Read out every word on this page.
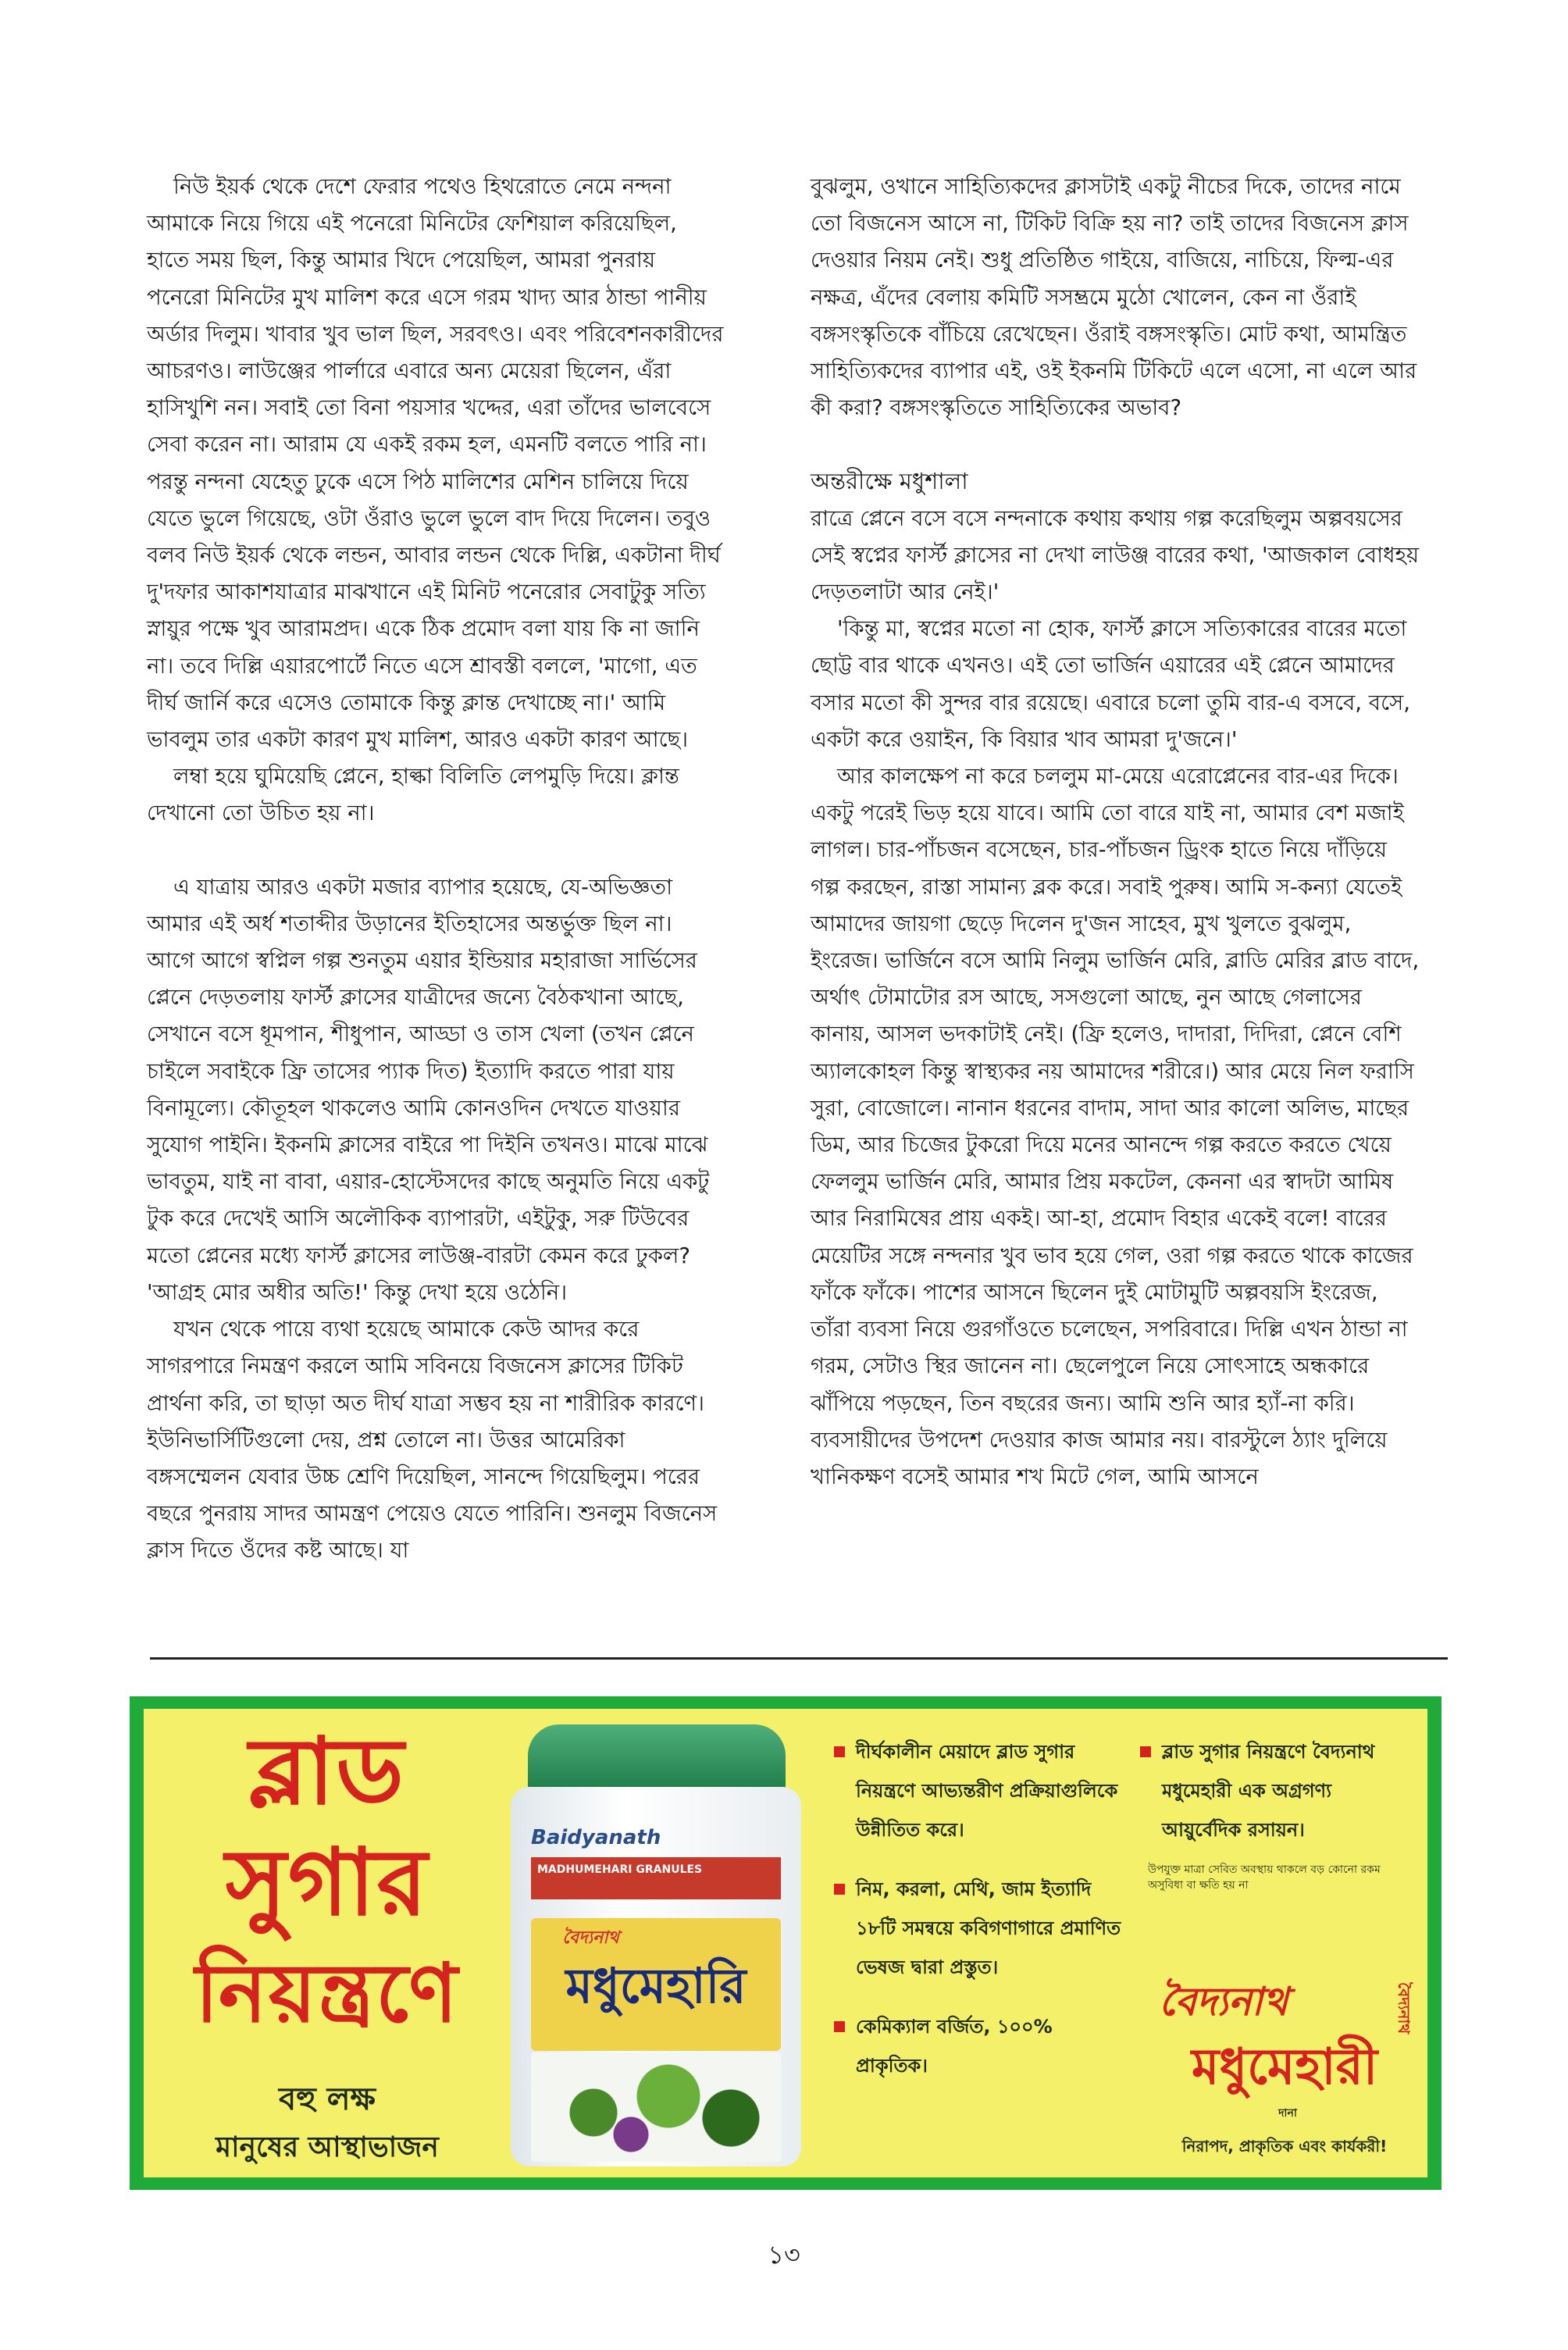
নিউ ইয়র্ক থেকে দেশে ফেরার পথেও হিথরোতে নেমে নন্দনা আমাকে নিয়ে গিয়ে এই পনেরো মিনিটের ফেশিয়াল করিয়েছিল, হাতে সময় ছিল, কিন্তু আমার খিদে পেয়েছিল, আমরা পুনরায় পনেরো মিনিটের মুখ মালিশ করে এসে গরম খাদ্য আর ঠান্ডা পানীয় অর্ডার দিলুম। খাবার খুব ভাল ছিল, সরবৎও। এবং পরিবেশনকারীদের আচরণও। লাউঞ্জের পার্লারে এবারে অন্য মেয়েরা ছিলেন, এঁরা হাসিখুশি নন। সবাই তো বিনা পয়সার খদ্দের, এরা তাঁদের ভালবেসে সেবা করেন না। আরাম যে একই রকম হল, এমনটি বলতে পারি না। পরন্তু নন্দনা যেহেতু ঢুকে এসে পিঠ মালিশের মেশিন চালিয়ে দিয়ে যেতে ভুলে গিয়েছে, ওটা ওঁরাও ভুলে ভুলে বাদ দিয়ে দিলেন। তবুও বলব নিউ ইয়র্ক থেকে লন্ডন, আবার লন্ডন থেকে দিল্লি, একটানা দীর্ঘ দু'দফার আকাশযাত্রার মাঝখানে এই মিনিট পনেরোর সেবাটুকু সত্যি স্নায়ুর পক্ষে খুব আরামপ্রদ। একে ঠিক প্রমোদ বলা যায় কি না জানি না। তবে দিল্লি এয়ারপোর্টে নিতে এসে শ্রাবস্তী বললে, 'মাগো, এত দীর্ঘ জার্নি করে এসেও তোমাকে কিন্তু ক্লান্ত দেখাচ্ছে না।' আমি ভাবলুম তার একটা কারণ মুখ মালিশ, আরও একটা কারণ আছে।

লম্বা হয়ে ঘুমিয়েছি প্লেনে, হাল্কা বিলিতি লেপমুড়ি দিয়ে। ক্লান্ত দেখানো তো উচিত হয় না।

এ যাত্রায় আরও একটা মজার ব্যাপার হয়েছে, যে-অভিজ্ঞতা আমার এই অর্ধ শতাব্দীর উড়ানের ইতিহাসের অন্তর্ভুক্ত ছিল না। আগে আগে স্বপ্নিল গল্প শুনতুম এয়ার ইন্ডিয়ার মহারাজা সার্ভিসের প্লেনে দেড়তলায় ফার্স্ট ক্লাসের যাত্রীদের জন্যে বৈঠকখানা আছে, সেখানে বসে ধূমপান, শীধুপান, আড্ডা ও তাস খেলা (তখন প্লেনে চাইলে সবাইকে ফ্রি তাসের প্যাক দিত) ইত্যাদি করতে পারা যায় বিনামূল্যে। কৌতূহল থাকলেও আমি কোনওদিন দেখতে যাওয়ার সুযোগ পাইনি। ইকনমি ক্লাসের বাইরে পা দিইনি তখনও। মাঝে মাঝে ভাবতুম, যাই না বাবা, এয়ার-হোস্টেসদের কাছে অনুমতি নিয়ে একটু টুক করে দেখেই আসি অলৌকিক ব্যাপারটা, এইটুকু, সরু টিউবের মতো প্লেনের মধ্যে ফার্স্ট ক্লাসের লাউঞ্জ-বারটা কেমন করে ঢুকল? 'আগ্রহ মোর অধীর অতি!' কিন্তু দেখা হয়ে ওঠেনি।

যখন থেকে পায়ে ব্যথা হয়েছে আমাকে কেউ আদর করে সাগরপারে নিমন্ত্রণ করলে আমি সবিনয়ে বিজনেস ক্লাসের টিকিট প্রার্থনা করি, তা ছাড়া অত দীর্ঘ যাত্রা সম্ভব হয় না শারীরিক কারণে। ইউনিভার্সিটিগুলো দেয়, প্রশ্ন তোলে না। উত্তর আমেরিকা বঙ্গসম্মেলন যেবার উচ্চ শ্রেণি দিয়েছিল, সানন্দে গিয়েছিলুম। পরের বছরে পুনরায় সাদর আমন্ত্রণ পেয়েও যেতে পারিনি। শুনলুম বিজনেস ক্লাস দিতে ওঁদের কষ্ট আছে। যা

বুঝলুম, ওখানে সাহিত্যিকদের ক্লাসটাই একটু নীচের দিকে, তাদের নামে তো বিজনেস আসে না, টিকিট বিক্রি হয় না? তাই তাদের বিজনেস ক্লাস দেওয়ার নিয়ম নেই। শুধু প্রতিষ্ঠিত গাইয়ে, বাজিয়ে, নাচিয়ে, ফিল্ম-এর নক্ষত্র, এঁদের বেলায় কমিটি সসম্ভ্রমে মুঠো খোলেন, কেন না ওঁরাই বঙ্গসংস্কৃতিকে বাঁচিয়ে রেখেছেন। ওঁরাই বঙ্গসংস্কৃতি। মোট কথা, আমন্ত্রিত সাহিত্যিকদের ব্যাপার এই, ওই ইকনমি টিকিটে এলে এসো, না এলে আর কী করা? বঙ্গসংস্কৃতিতে সাহিত্যিকের অভাব?

অন্তরীক্ষে মধুশালা

রাত্রে প্লেনে বসে বসে নন্দনাকে কথায় কথায় গল্প করেছিলুম অল্পবয়সের সেই স্বপ্নের ফার্স্ট ক্লাসের না দেখা লাউঞ্জ বারের কথা, 'আজকাল বোধহয় দেড়তলাটা আর নেই।'

'কিন্তু মা, স্বপ্নের মতো না হোক, ফার্স্ট ক্লাসে সত্যিকারের বারের মতো ছোট্ট বার থাকে এখনও। এই তো ভার্জিন এয়ারের এই প্লেনে আমাদের বসার মতো কী সুন্দর বার রয়েছে। এবারে চলো তুমি বার-এ বসবে, বসে, একটা করে ওয়াইন, কি বিয়ার খাব আমরা দু'জনে।'

আর কালক্ষেপ না করে চললুম মা-মেয়ে এরোপ্লেনের বার-এর দিকে। একটু পরেই ভিড় হয়ে যাবে। আমি তো বারে যাই না, আমার বেশ মজাই লাগল। চার-পাঁচজন বসেছেন, চার-পাঁচজন ড্রিংক হাতে নিয়ে দাঁড়িয়ে গল্প করছেন, রাস্তা সামান্য ব্লক করে। সবাই পুরুষ। আমি স-কন্যা যেতেই আমাদের জায়গা ছেড়ে দিলেন দু'জন সাহেব, মুখ খুলতে বুঝলুম, ইংরেজ। ভার্জিনে বসে আমি নিলুম ভার্জিন মেরি, ব্লাডি মেরির ব্লাড বাদে, অর্থাৎ টোমাটোর রস আছে, সসগুলো আছে, নুন আছে গেলাসের কানায়, আসল ভদকাটাই নেই। (ফ্রি হলেও, দাদারা, দিদিরা, প্লেনে বেশি অ্যালকোহল কিন্তু স্বাস্থ্যকর নয় আমাদের শরীরে।) আর মেয়ে নিল ফরাসি সুরা, বোজোলে। নানান ধরনের বাদাম, সাদা আর কালো অলিভ, মাছের ডিম, আর চিজের টুকরো দিয়ে মনের আনন্দে গল্প করতে করতে খেয়ে ফেললুম ভার্জিন মেরি, আমার প্রিয় মকটেল, কেননা এর স্বাদটা আমিষ আর নিরামিষের প্রায় একই। আ-হা, প্রমোদ বিহার একেই বলে! বারের মেয়েটির সঙ্গে নন্দনার খুব ভাব হয়ে গেল, ওরা গল্প করতে থাকে কাজের ফাঁকে ফাঁকে। পাশের আসনে ছিলেন দুই মোটামুটি অল্পবয়সি ইংরেজ, তাঁরা ব্যবসা নিয়ে গুরগাঁওতে চলেছেন, সপরিবারে। দিল্লি এখন ঠান্ডা না গরম, সেটাও স্থির জানেন না। ছেলেপুলে নিয়ে সোৎসাহে অন্ধকারে ঝাঁপিয়ে পড়ছেন, তিন বছরের জন্য। আমি শুনি আর হ্যাঁ-না করি। ব্যবসায়ীদের উপদেশ দেওয়ার কাজ আমার নয়। বারস্টুলে ঠ্যাং দুলিয়ে খানিকক্ষণ বসেই আমার শখ মিটে গেল, আমি আসনে

ব্লাড
সুগার
নিয়ন্ত্রণে
বহু লক্ষ
মানুষের আস্থাভাজন
Baidyanath
MADHUMEHARI GRANULES
বৈদ্যনাথ
মধুমেহারি
দীর্ঘকালীন মেয়াদে ব্লাড সুগার নিয়ন্ত্রণে আভ্যন্তরীণ প্রক্রিয়াগুলিকে উন্নীতিত করে।
নিম, করলা, মেথি, জাম ইত্যাদি ১৮টি সমন্বয়ে কবিগণাগারে প্রমাণিত ভেষজ দ্বারা প্রস্তুত।
কেমিক্যাল বর্জিত, ১০০% প্রাকৃতিক।
ব্লাড সুগার নিয়ন্ত্রণে বৈদ্যনাথ মধুমেহারী এক অগ্রগণ্য আয়ুর্বেদিক রসায়ন।
উপযুক্ত মাত্রা সেবিত অবস্থায় থাকলে বড় কোনো রকম অসুবিধা বা ক্ষতি হয় না
বৈদ্যনাথ
মধুমেহারী
দানা
নিরাপদ, প্রাকৃতিক এবং কার্যকরী!
বৈদ্যনাথ
১৩
